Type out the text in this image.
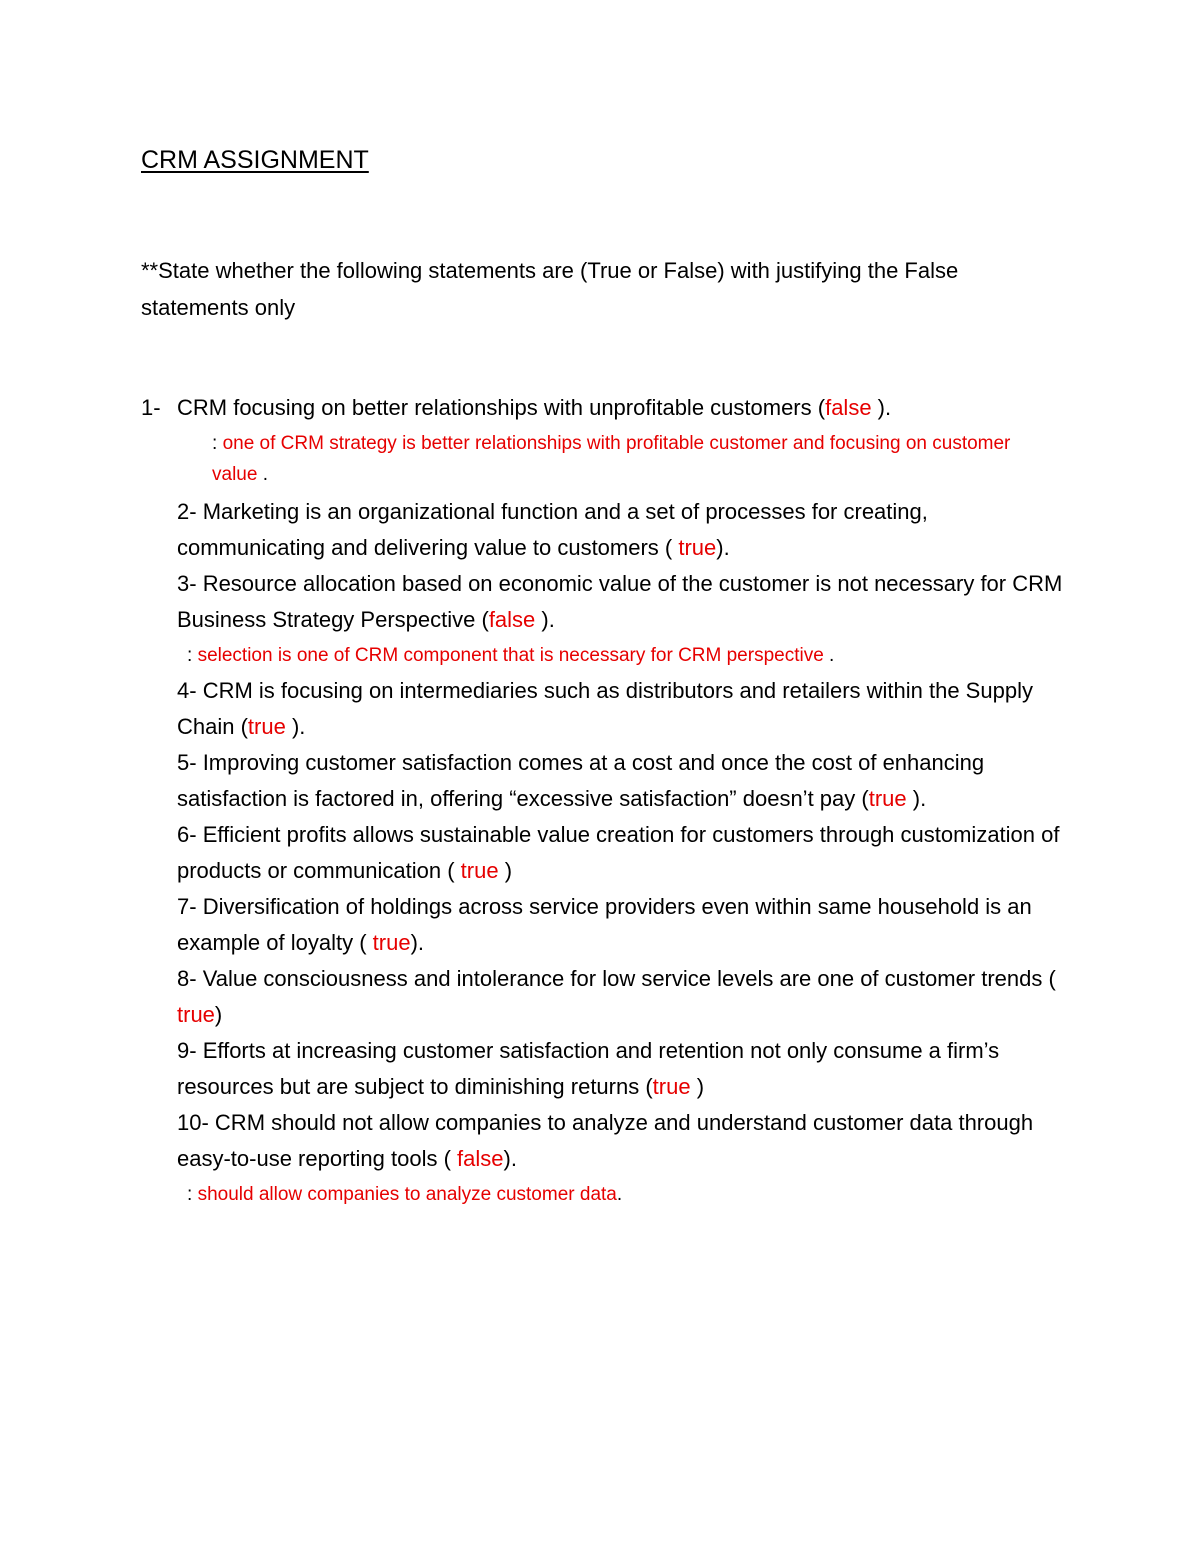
CRM ASSIGNMENT
**State whether the following statements are (True or False) with justifying the False statements only

1- CRM focusing on better relationships with unprofitable customers (false ).

: one of CRM strategy is better relationships with profitable customer and focusing on customer value .

2- Marketing is an organizational function and a set of processes for creating, communicating and delivering value to customers ( true).

3- Resource allocation based on economic value of the customer is not necessary for CRM Business Strategy Perspective (false ).

: selection is one of CRM component that is necessary for CRM perspective .

4- CRM is focusing on intermediaries such as distributors and retailers within the Supply Chain (true ).

5- Improving customer satisfaction comes at a cost and once the cost of enhancing satisfaction is factored in, offering “excessive satisfaction” doesn’t pay (true ).

6- Efficient profits allows sustainable value creation for customers through customization of products or communication ( true )

7- Diversification of holdings across service providers even within same household is an example of loyalty ( true).

8- Value consciousness and intolerance for low service levels are one of customer trends ( true)

9- Efforts at increasing customer satisfaction and retention not only consume a firm’s resources but are subject to diminishing returns (true )

10- CRM should not allow companies to analyze and understand customer data through easy-to-use reporting tools ( false).

: should allow companies to analyze customer data.
